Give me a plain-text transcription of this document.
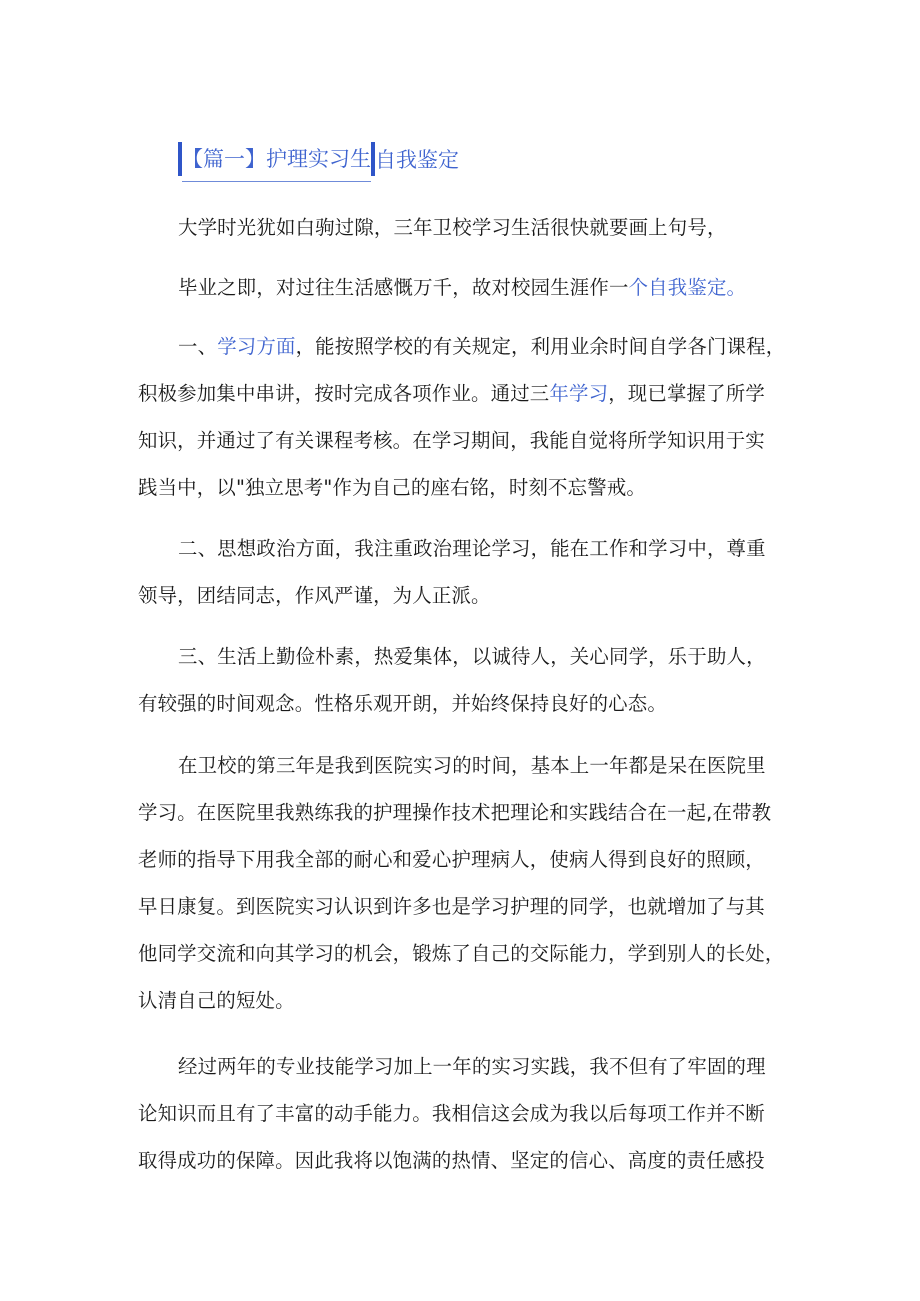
【篇一】护理实习生 自我鉴定

大学时光犹如白驹过隙，三年卫校学习生活很快就要画上句号，

毕业之即，对过往生活感慨万千，故对校园生涯作一个自我鉴定。

一、学习方面，能按照学校的有关规定，利用业余时间自学各门课程，
积极参加集中串讲，按时完成各项作业。通过三年学习，现已掌握了所学
知识，并通过了有关课程考核。在学习期间，我能自觉将所学知识用于实
践当中，以"独立思考"作为自己的座右铭，时刻不忘警戒。

二、思想政治方面，我注重政治理论学习，能在工作和学习中，尊重
领导，团结同志，作风严谨，为人正派。

三、生活上勤俭朴素，热爱集体，以诚待人，关心同学，乐于助人，
有较强的时间观念。性格乐观开朗，并始终保持良好的心态。

在卫校的第三年是我到医院实习的时间，基本上一年都是呆在医院里
学习。在医院里我熟练我的护理操作技术把理论和实践结合在一起,在带教
老师的指导下用我全部的耐心和爱心护理病人，使病人得到良好的照顾，
早日康复。到医院实习认识到许多也是学习护理的同学，也就增加了与其
他同学交流和向其学习的机会，锻炼了自己的交际能力，学到别人的长处，
认清自己的短处。

经过两年的专业技能学习加上一年的实习实践，我不但有了牢固的理
论知识而且有了丰富的动手能力。我相信这会成为我以后每项工作并不断
取得成功的保障。因此我将以饱满的热情、坚定的信心、高度的责任感投
